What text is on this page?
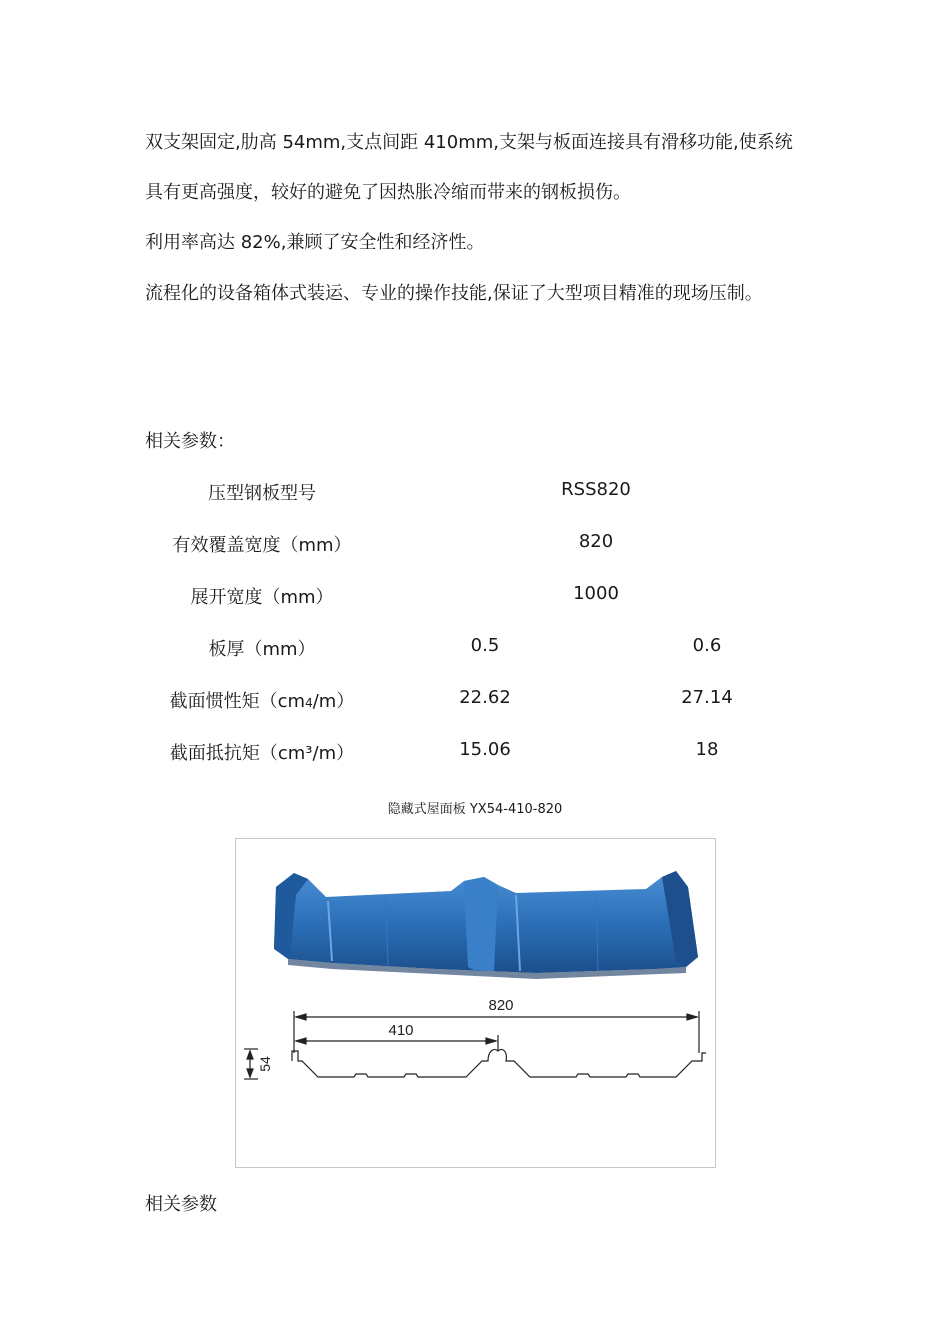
双支架固定,肋高 54mm,支点间距 410mm,支架与板面连接具有滑移功能,使系统
具有更高强度，较好的避免了因热胀冷缩而带来的钢板损伤。
利用率高达 82%,兼顾了安全性和经济性。
流程化的设备箱体式装运、专业的操作技能,保证了大型项目精准的现场压制。
相关参数：
压型钢板型号	RSS820
有效覆盖宽度（mm）	820
展开宽度（mm）	1000
板厚（mm）	0.5	0.6
截面惯性矩（cm4/m）	22.62	27.14
截面抵抗矩（cm³/m）	15.06	18
隐藏式屋面板 YX54-410-820
820
410
54
相关参数
